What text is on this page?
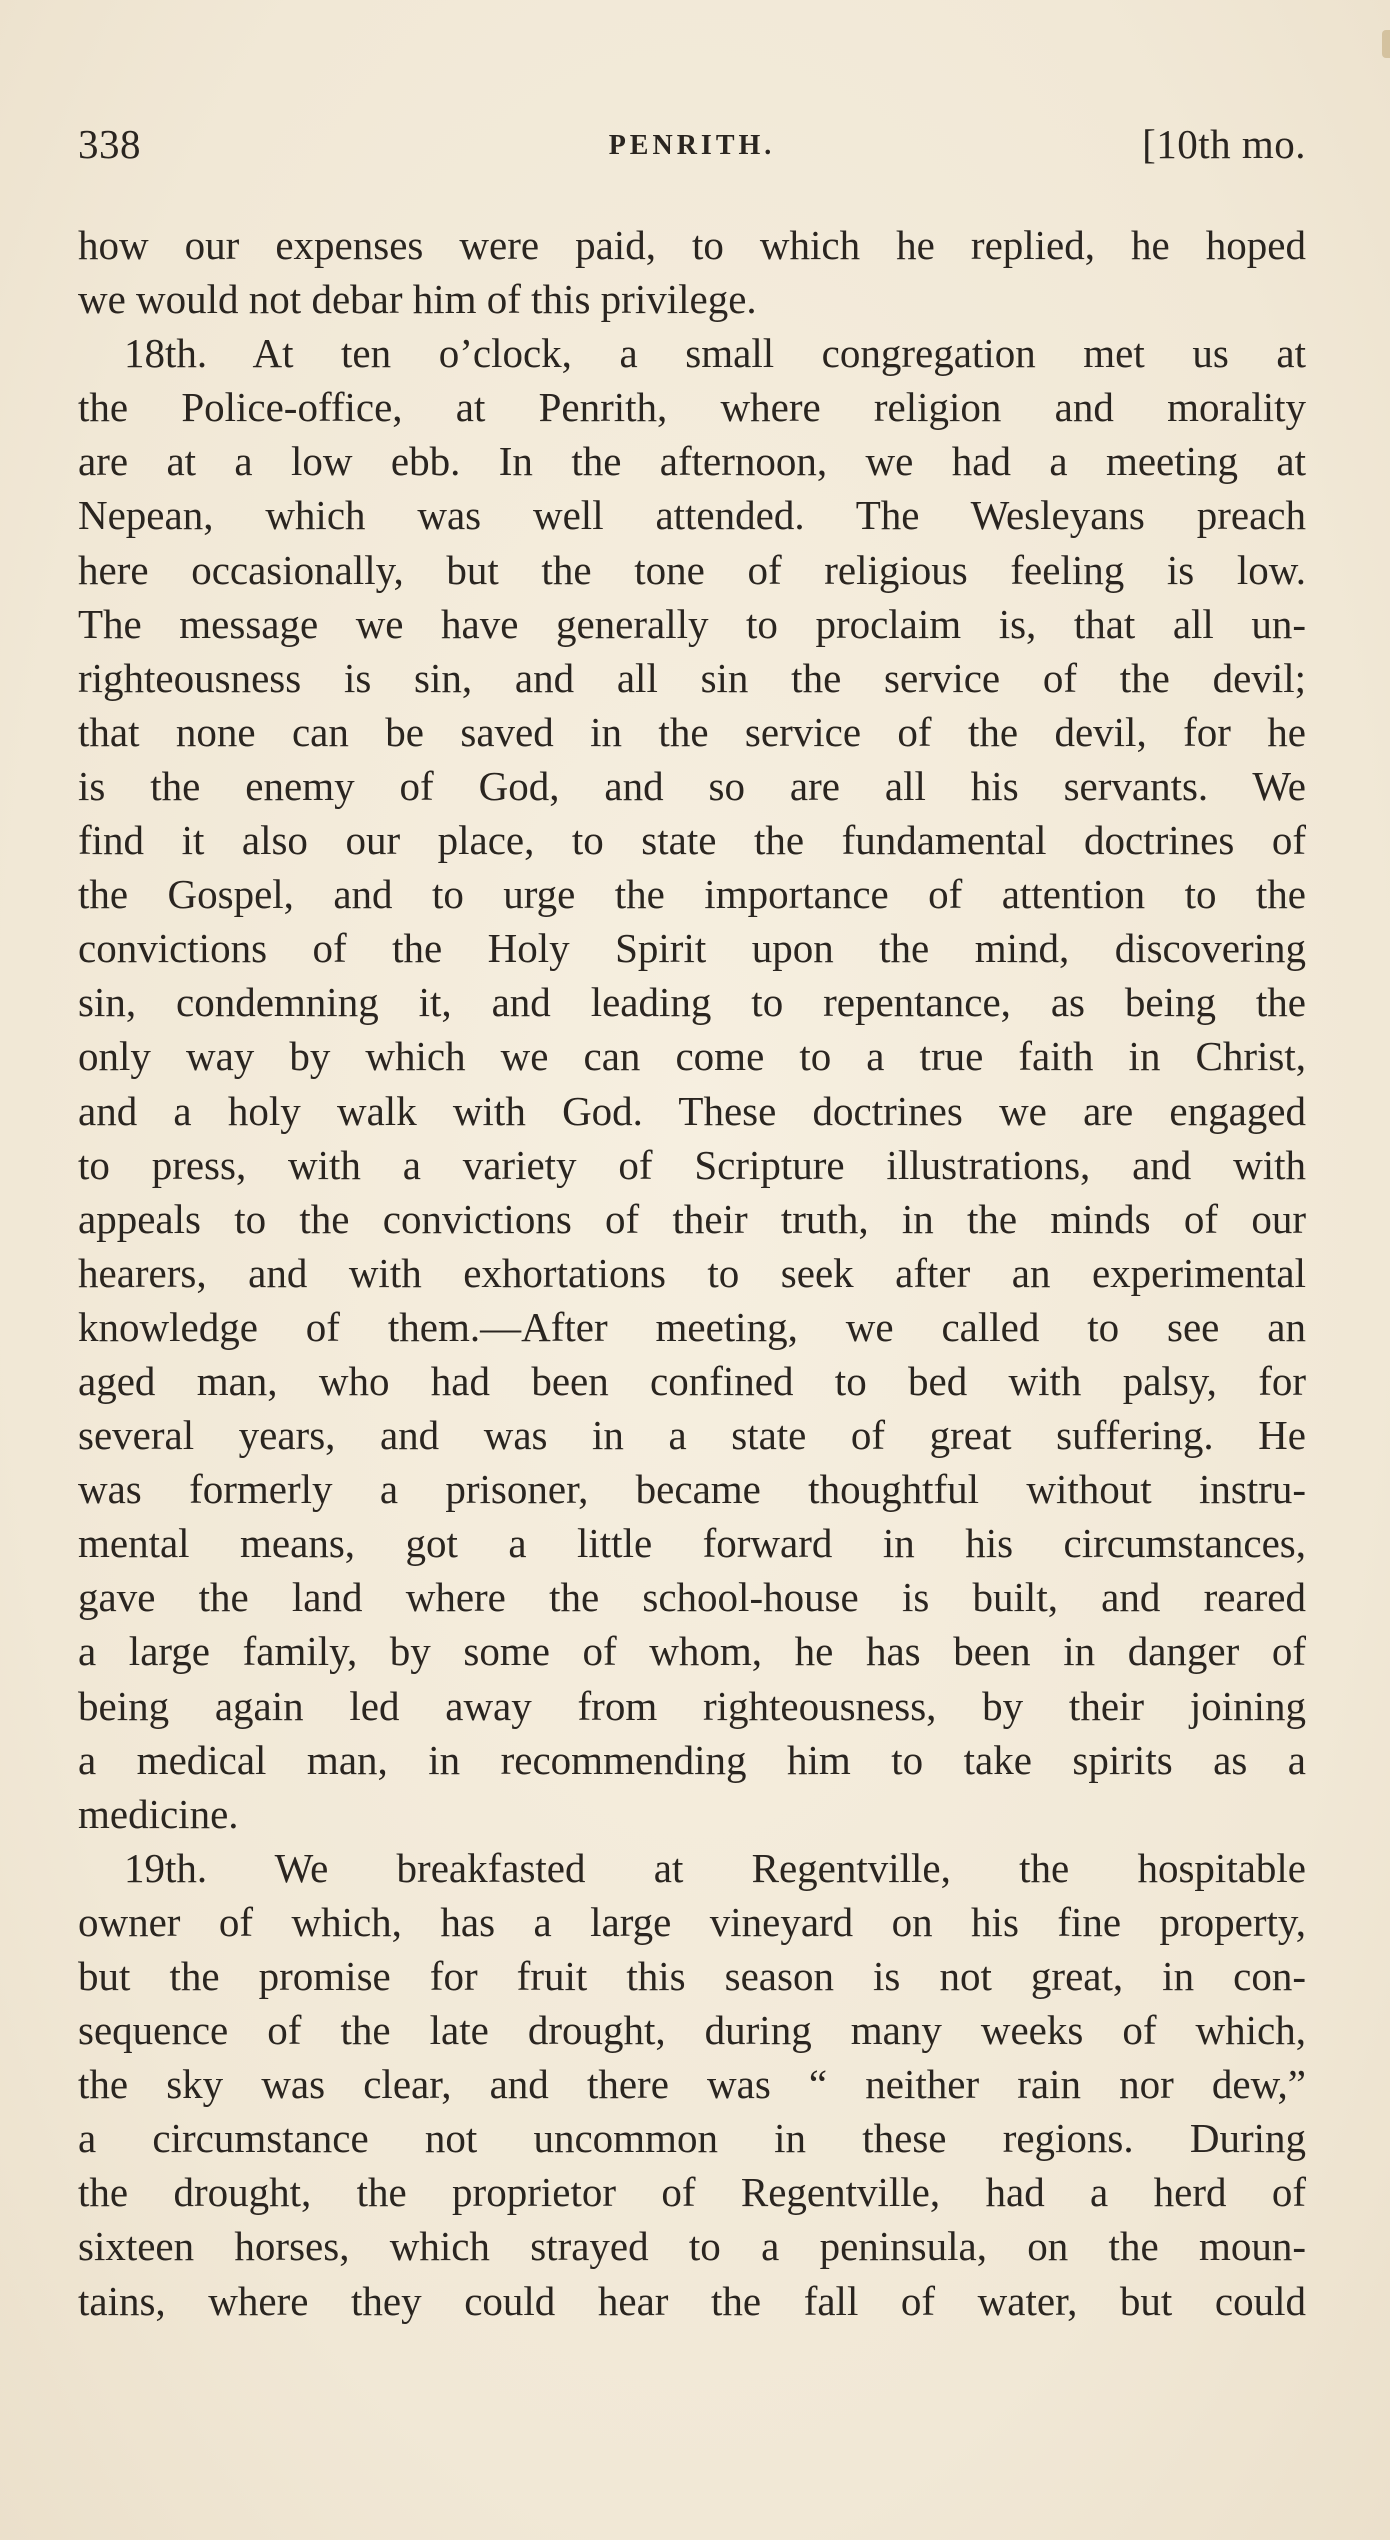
338	PENRITH.	[10th mo.
how our expenses were paid, to which he replied, he hoped
we would not debar him of this privilege.
18th. At ten o’clock, a small congregation met us at
the Police-office, at Penrith, where religion and morality
are at a low ebb. In the afternoon, we had a meeting at
Nepean, which was well attended. The Wesleyans preach
here occasionally, but the tone of religious feeling is low.
The message we have generally to proclaim is, that all un-
righteousness is sin, and all sin the service of the devil;
that none can be saved in the service of the devil, for he
is the enemy of God, and so are all his servants. We
find it also our place, to state the fundamental doctrines of
the Gospel, and to urge the importance of attention to the
convictions of the Holy Spirit upon the mind, discovering
sin, condemning it, and leading to repentance, as being the
only way by which we can come to a true faith in Christ,
and a holy walk with God. These doctrines we are engaged
to press, with a variety of Scripture illustrations, and with
appeals to the convictions of their truth, in the minds of our
hearers, and with exhortations to seek after an experimental
knowledge of them.—After meeting, we called to see an
aged man, who had been confined to bed with palsy, for
several years, and was in a state of great suffering. He
was formerly a prisoner, became thoughtful without instru-
mental means, got a little forward in his circumstances,
gave the land where the school-house is built, and reared
a large family, by some of whom, he has been in danger of
being again led away from righteousness, by their joining
a medical man, in recommending him to take spirits as a
medicine.
19th. We breakfasted at Regentville, the hospitable
owner of which, has a large vineyard on his fine property,
but the promise for fruit this season is not great, in con-
sequence of the late drought, during many weeks of which,
the sky was clear, and there was “ neither rain nor dew,”
a circumstance not uncommon in these regions. During
the drought, the proprietor of Regentville, had a herd of
sixteen horses, which strayed to a peninsula, on the moun-
tains, where they could hear the fall of water, but could
